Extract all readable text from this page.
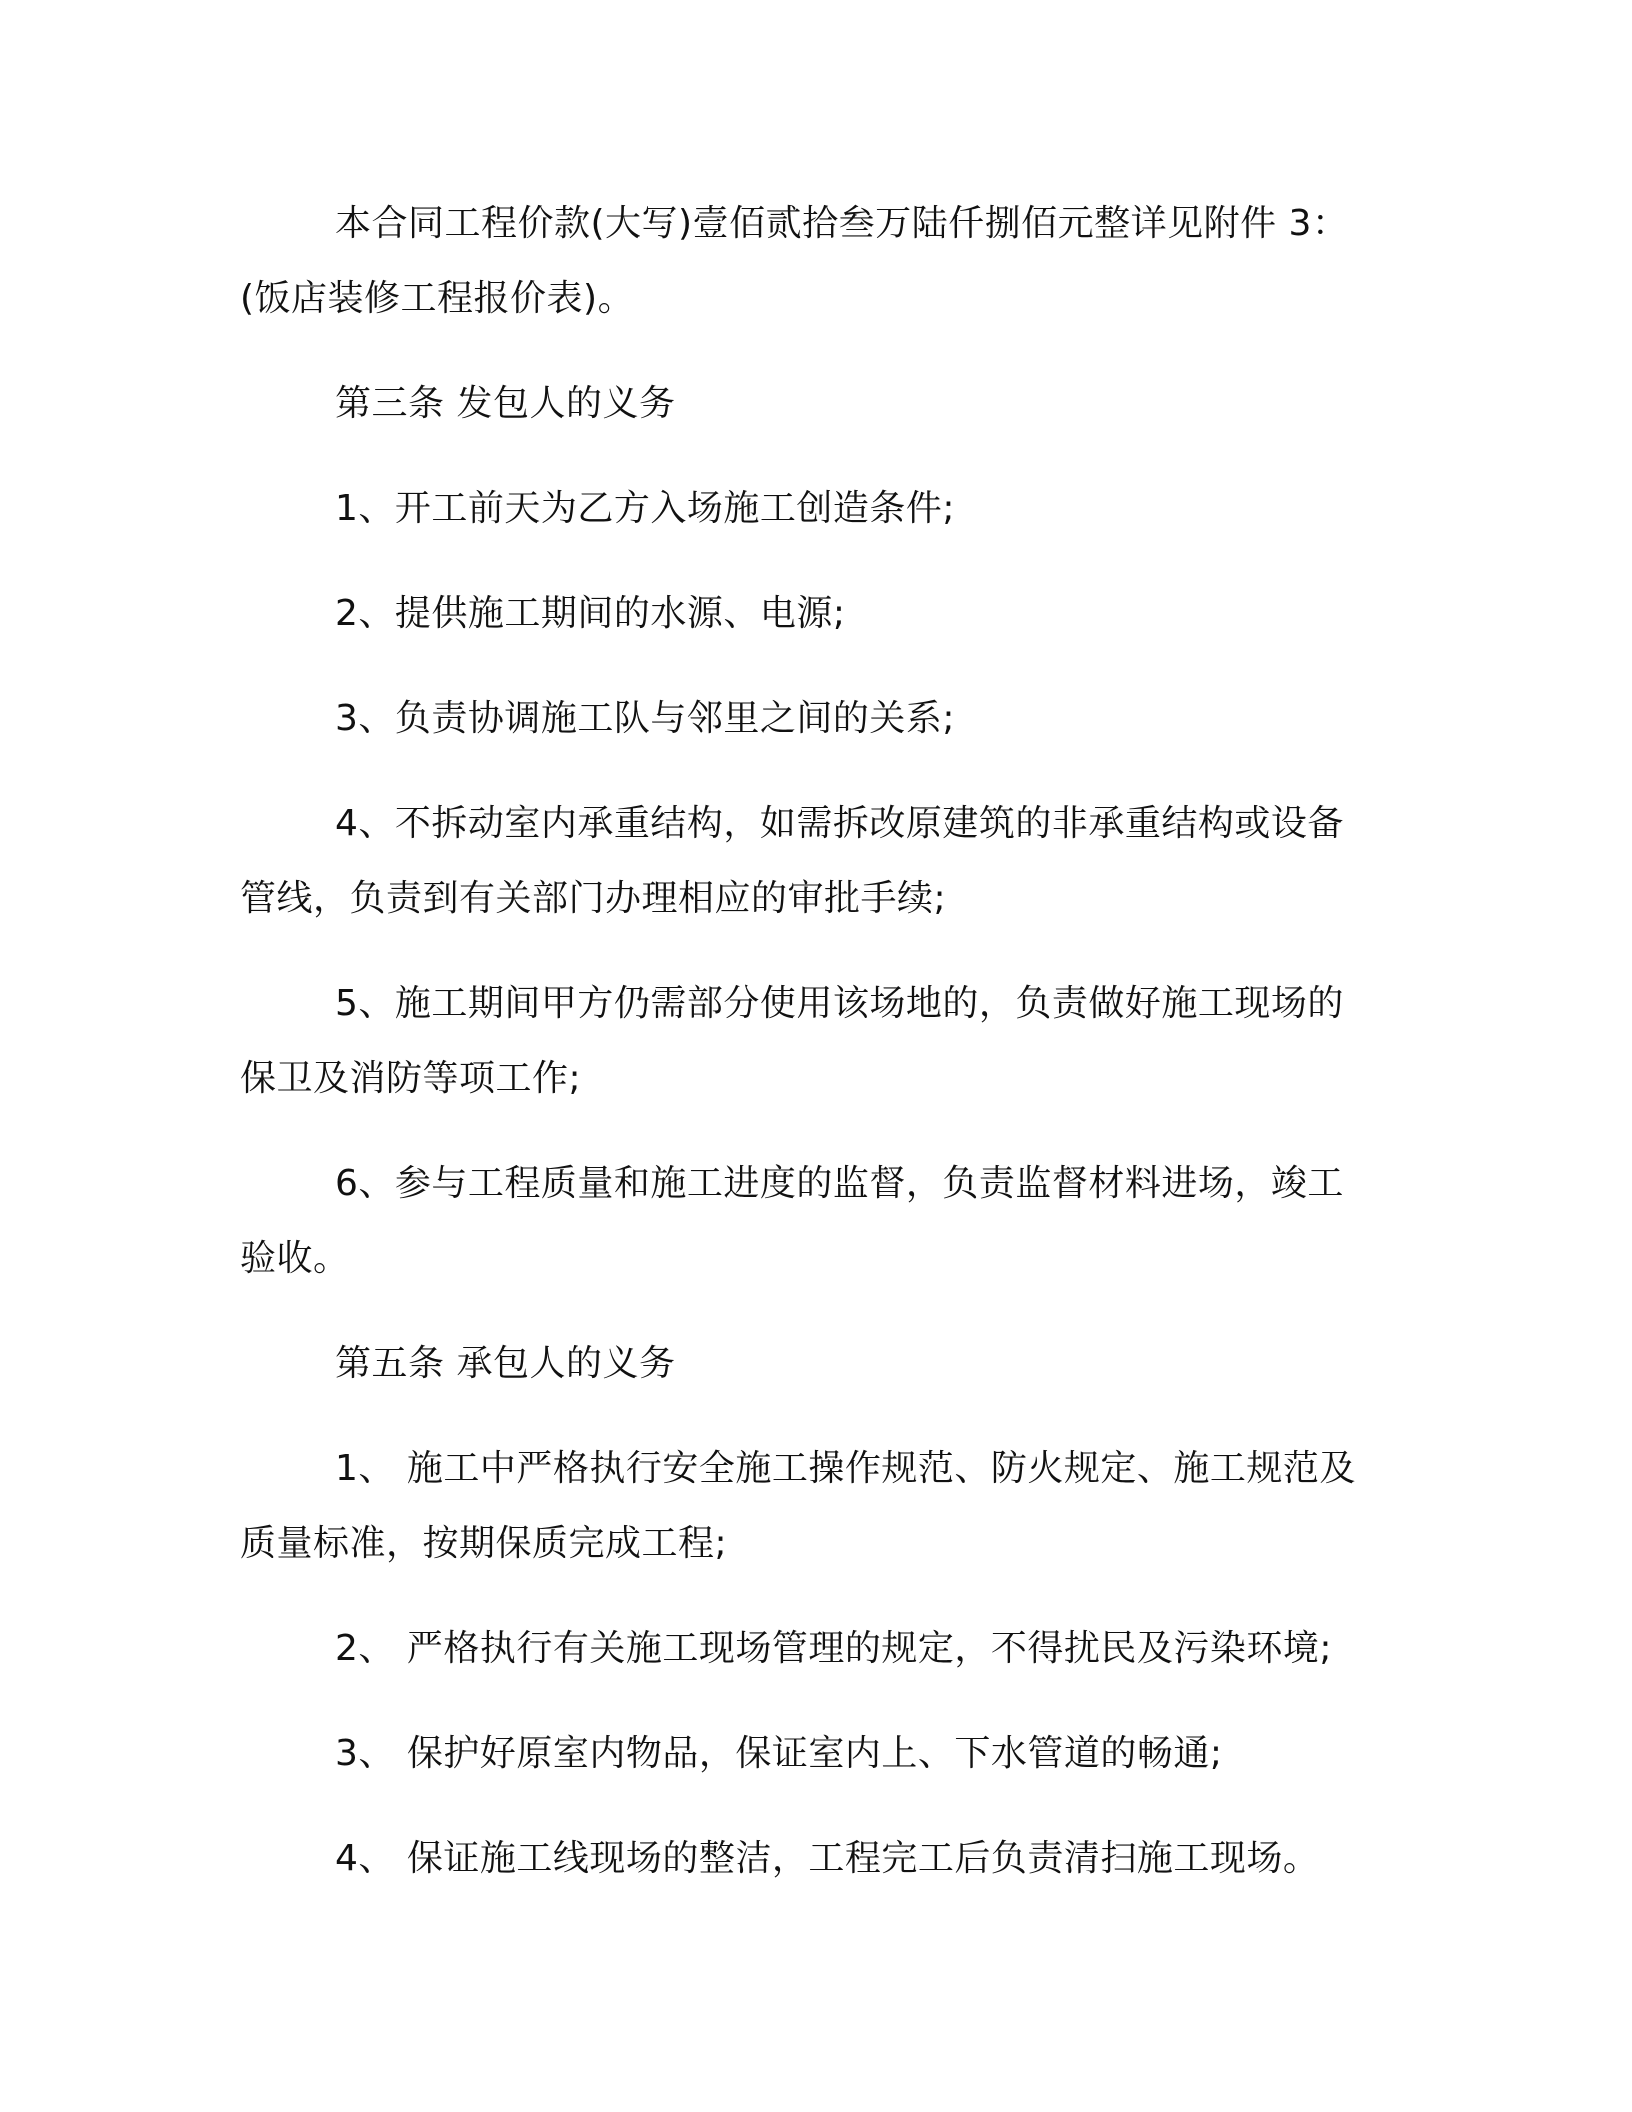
本合同工程价款(大写)壹佰贰拾叁万陆仟捌佰元整详见附件 3：(饭店装修工程报价表)。

第三条 发包人的义务

1、开工前天为乙方入场施工创造条件;

2、提供施工期间的水源、电源;

3、负责协调施工队与邻里之间的关系;

4、不拆动室内承重结构，如需拆改原建筑的非承重结构或设备管线，负责到有关部门办理相应的审批手续;

5、施工期间甲方仍需部分使用该场地的，负责做好施工现场的保卫及消防等项工作;

6、参与工程质量和施工进度的监督，负责监督材料进场，竣工验收。

第五条 承包人的义务

1、 施工中严格执行安全施工操作规范、防火规定、施工规范及质量标准，按期保质完成工程;

2、 严格执行有关施工现场管理的规定，不得扰民及污染环境;

3、 保护好原室内物品，保证室内上、下水管道的畅通;

4、 保证施工线现场的整洁，工程完工后负责清扫施工现场。
